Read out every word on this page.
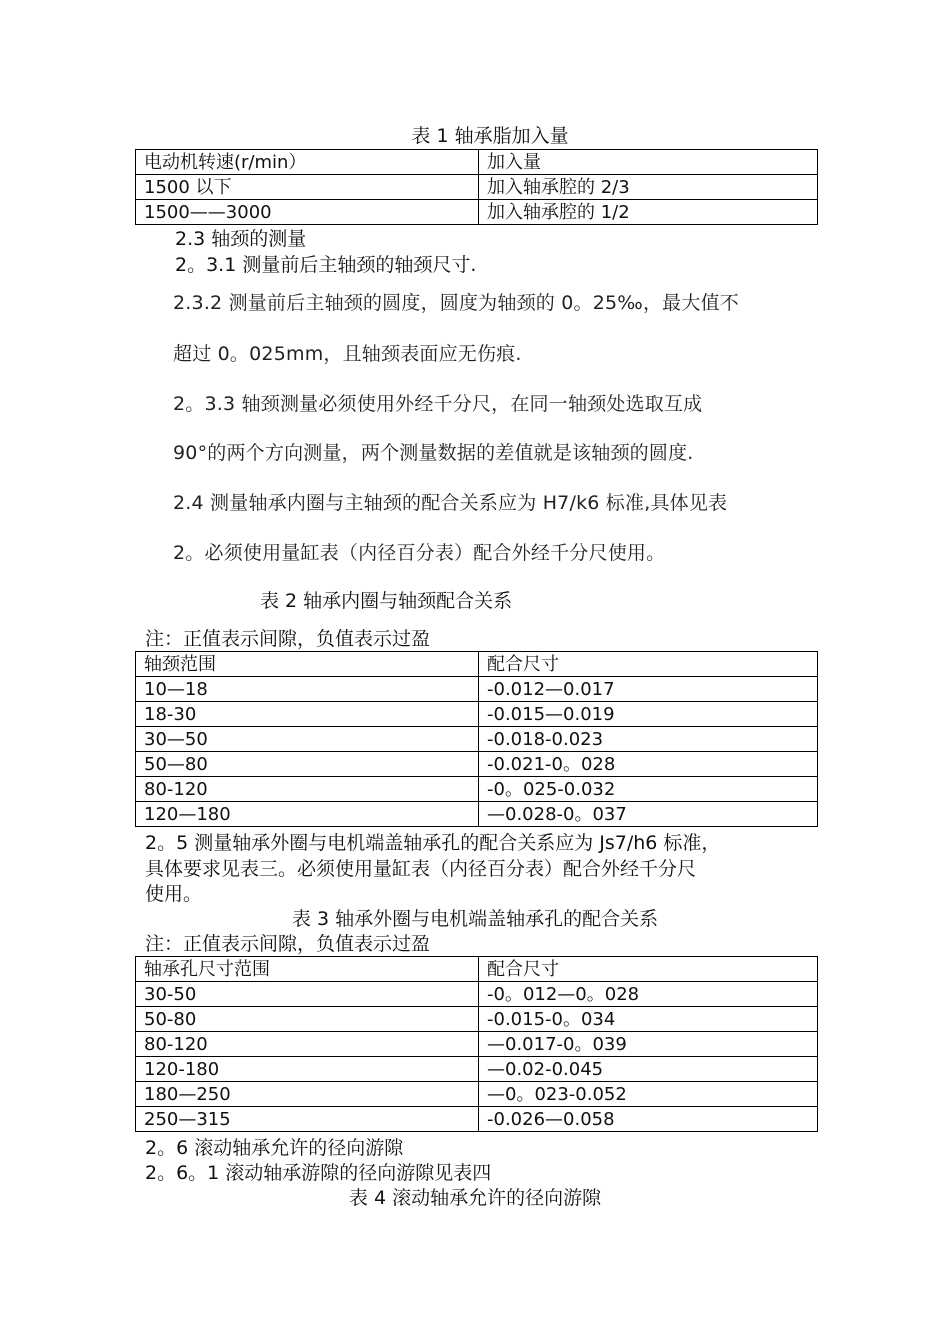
表 1 轴承脂加入量
电动机转速(r/min）	加入量
1500 以下	加入轴承腔的 2/3
1500——3000	加入轴承腔的 1/2
2.3 轴颈的测量
2。3.1 测量前后主轴颈的轴颈尺寸.
2.3.2 测量前后主轴颈的圆度，圆度为轴颈的 0。25‰，最大值不
超过 0。025mm，且轴颈表面应无伤痕.
2。3.3 轴颈测量必须使用外经千分尺，在同一轴颈处选取互成
90°的两个方向测量，两个测量数据的差值就是该轴颈的圆度.
2.4 测量轴承内圈与主轴颈的配合关系应为 H7/k6 标准,具体见表
2。必须使用量缸表（内径百分表）配合外经千分尺使用。
表 2 轴承内圈与轴颈配合关系
注：正值表示间隙，负值表示过盈
轴颈范围	配合尺寸
10—18	-0.012—0.017
18-30	-0.015—0.019
30—50	-0.018-0.023
50—80	-0.021-0。028
80-120	-0。025-0.032
120—180	—0.028-0。037
2。5 测量轴承外圈与电机端盖轴承孔的配合关系应为 Js7/h6 标准，
具体要求见表三。必须使用量缸表（内径百分表）配合外经千分尺
使用。
表 3 轴承外圈与电机端盖轴承孔的配合关系
注：正值表示间隙，负值表示过盈
轴承孔尺寸范围	配合尺寸
30-50	-0。012—0。028
50-80	-0.015-0。034
80-120	—0.017-0。039
120-180	—0.02-0.045
180—250	—0。023-0.052
250—315	-0.026—0.058
2。6 滚动轴承允许的径向游隙
2。6。1 滚动轴承游隙的径向游隙见表四
表 4 滚动轴承允许的径向游隙
